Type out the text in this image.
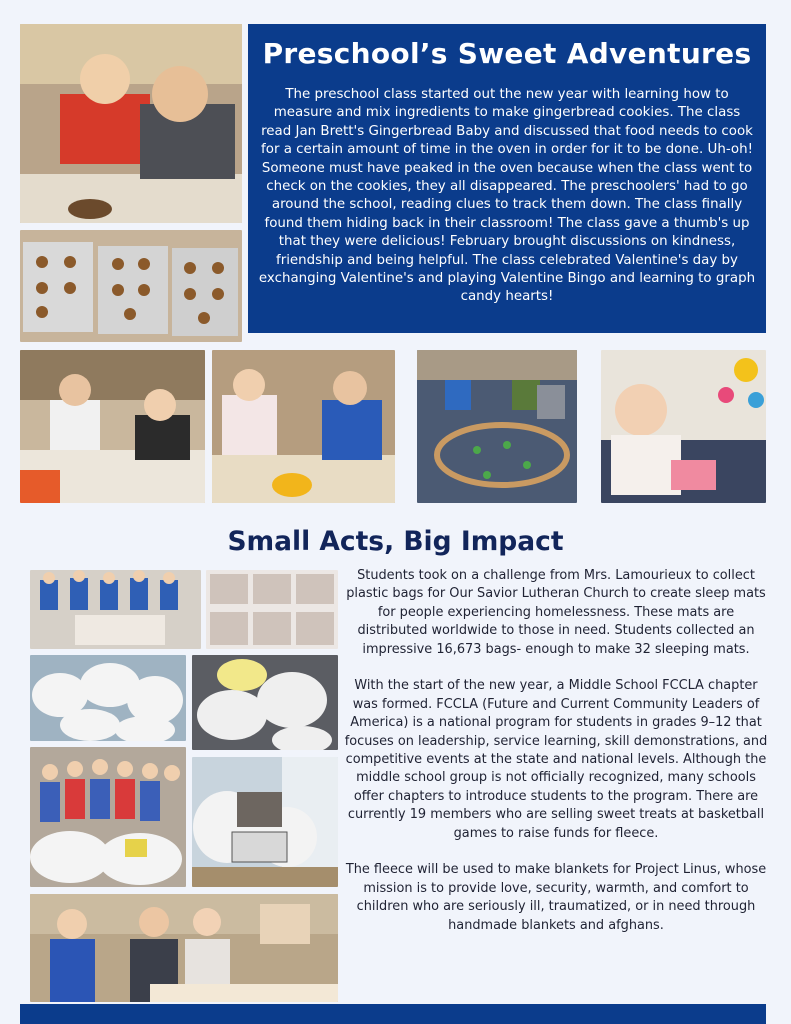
Preschool’s Sweet Adventures

The preschool class started out the new year with learning how to measure and mix ingredients to make gingerbread cookies. The class read Jan Brett's Gingerbread Baby and discussed that food needs to cook for a certain amount of time in the oven in order for it to be done. Uh-oh! Someone must have peaked in the oven because when the class went to check on the cookies, they all disappeared. The preschoolers' had to go around the school, reading clues to track them down. The class finally found them hiding back in their classroom! The class gave a thumb's up that they were delicious! February brought discussions on kindness, friendship and being helpful. The class celebrated Valentine's day by exchanging Valentine's and playing Valentine Bingo and learning to graph candy hearts!

Small Acts, Big Impact

Students took on a challenge from Mrs. Lamourieux to collect plastic bags for Our Savior Lutheran Church to create sleep mats for people experiencing homelessness. These mats are distributed worldwide to those in need. Students collected an impressive 16,673 bags- enough to make 32 sleeping mats.

With the start of the new year, a Middle School FCCLA chapter was formed. FCCLA (Future and Current Community Leaders of America) is a national program for students in grades 9–12 that focuses on leadership, service learning, skill demonstrations, and competitive events at the state and national levels. Although the middle school group is not officially recognized, many schools offer chapters to introduce students to the program. There are currently 19 members who are selling sweet treats at basketball games to raise funds for fleece.

The fleece will be used to make blankets for Project Linus, whose mission is to provide love, security, warmth, and comfort to children who are seriously ill, traumatized, or in need through handmade blankets and afghans.
